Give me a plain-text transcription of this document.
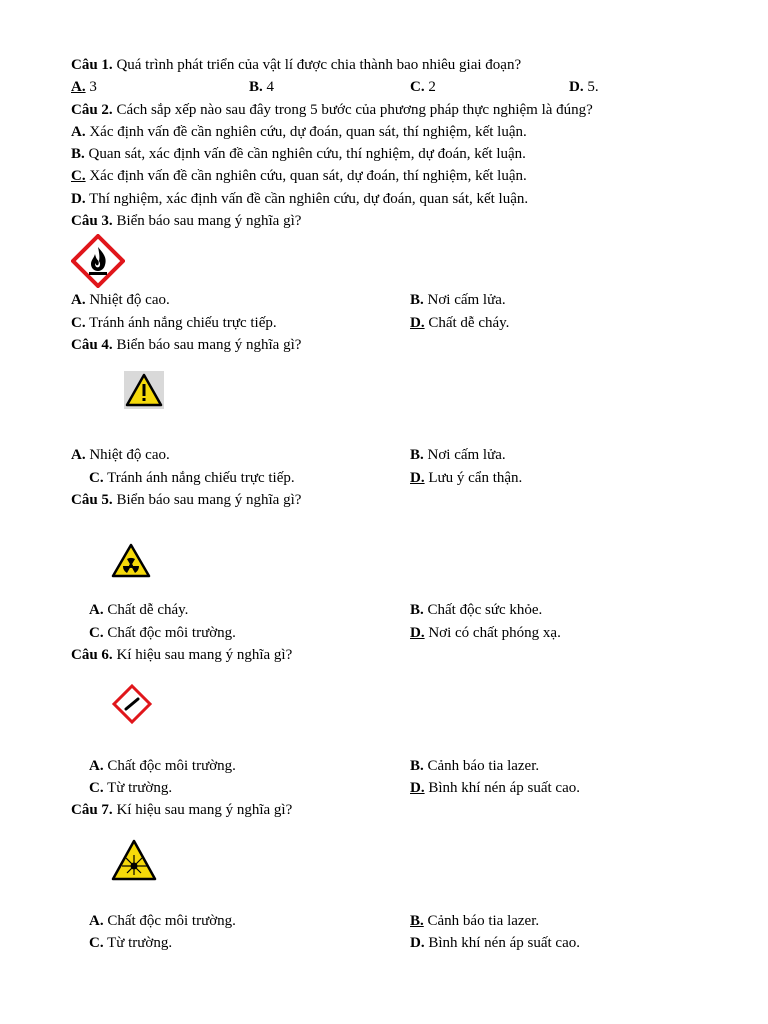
Câu 1. Quá trình phát triển của vật lí được chia thành bao nhiêu giai đoạn?
A. 3	B. 4	C. 2	D. 5.
Câu 2. Cách sắp xếp nào sau đây trong 5 bước của phương pháp thực nghiệm là đúng?
A. Xác định vấn đề cần nghiên cứu, dự đoán, quan sát, thí nghiệm, kết luận.
B. Quan sát, xác định vấn đề cần nghiên cứu, thí nghiệm, dự đoán, kết luận.
C. Xác định vấn đề cần nghiên cứu, quan sát, dự đoán, thí nghiệm, kết luận.
D. Thí nghiệm, xác định vấn đề cần nghiên cứu, dự đoán, quan sát, kết luận.
Câu 3. Biển báo sau mang ý nghĩa gì?
A. Nhiệt độ cao.	B. Nơi cấm lửa.
C. Tránh ánh nắng chiếu trực tiếp.	D. Chất dễ cháy.
Câu 4. Biển báo sau mang ý nghĩa gì?
A. Nhiệt độ cao.	B. Nơi cấm lửa.
C. Tránh ánh nắng chiếu trực tiếp.	D. Lưu ý cẩn thận.
Câu 5. Biển báo sau mang ý nghĩa gì?
A. Chất dễ cháy.	B. Chất độc sức khỏe.
C. Chất độc môi trường.	D. Nơi có chất phóng xạ.
Câu 6. Kí hiệu sau mang ý nghĩa gì?
A. Chất độc môi trường.	B. Cảnh báo tia lazer.
C. Từ trường.	D. Bình khí nén áp suất cao.
Câu 7. Kí hiệu sau mang ý nghĩa gì?
A. Chất độc môi trường.	B. Cảnh báo tia lazer.
C. Từ trường.	D. Bình khí nén áp suất cao.
